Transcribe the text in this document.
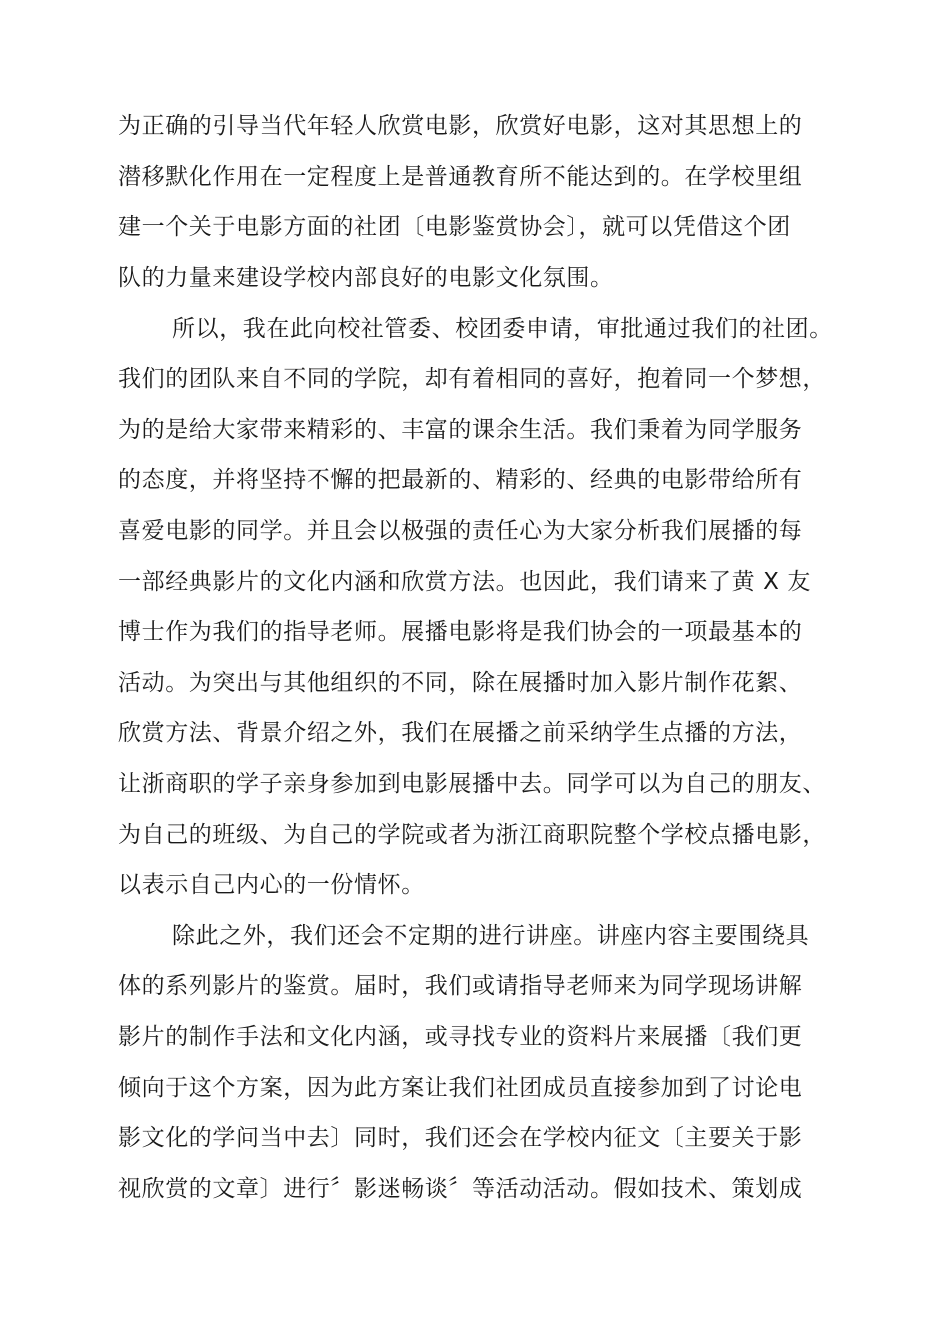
为正确的引导当代年轻人欣赏电影，欣赏好电影，这对其思想上的
潜移默化作用在一定程度上是普通教育所不能达到的。在学校里组
建一个关于电影方面的社团〔电影鉴赏协会〕，就可以凭借这个团
队的力量来建设学校内部良好的电影文化氛围。
所以，我在此向校社管委、校团委申请，审批通过我们的社团。
我们的团队来自不同的学院，却有着相同的喜好，抱着同一个梦想，
为的是给大家带来精彩的、丰富的课余生活。我们秉着为同学服务
的态度，并将坚持不懈的把最新的、精彩的、经典的电影带给所有
喜爱电影的同学。并且会以极强的责任心为大家分析我们展播的每
一部经典影片的文化内涵和欣赏方法。也因此，我们请来了黄 X 友
博士作为我们的指导老师。展播电影将是我们协会的一项最基本的
活动。为突出与其他组织的不同，除在展播时加入影片制作花絮、
欣赏方法、背景介绍之外，我们在展播之前采纳学生点播的方法，
让浙商职的学子亲身参加到电影展播中去。同学可以为自己的朋友、
为自己的班级、为自己的学院或者为浙江商职院整个学校点播电影，
以表示自己内心的一份情怀。
除此之外，我们还会不定期的进行讲座。讲座内容主要围绕具
体的系列影片的鉴赏。届时，我们或请指导老师来为同学现场讲解
影片的制作手法和文化内涵，或寻找专业的资料片来展播〔我们更
倾向于这个方案，因为此方案让我们社团成员直接参加到了讨论电
影文化的学问当中去〕同时，我们还会在学校内征文〔主要关于影
视欣赏的文章〕进行〞影迷畅谈〞等活动活动。假如技术、策划成
